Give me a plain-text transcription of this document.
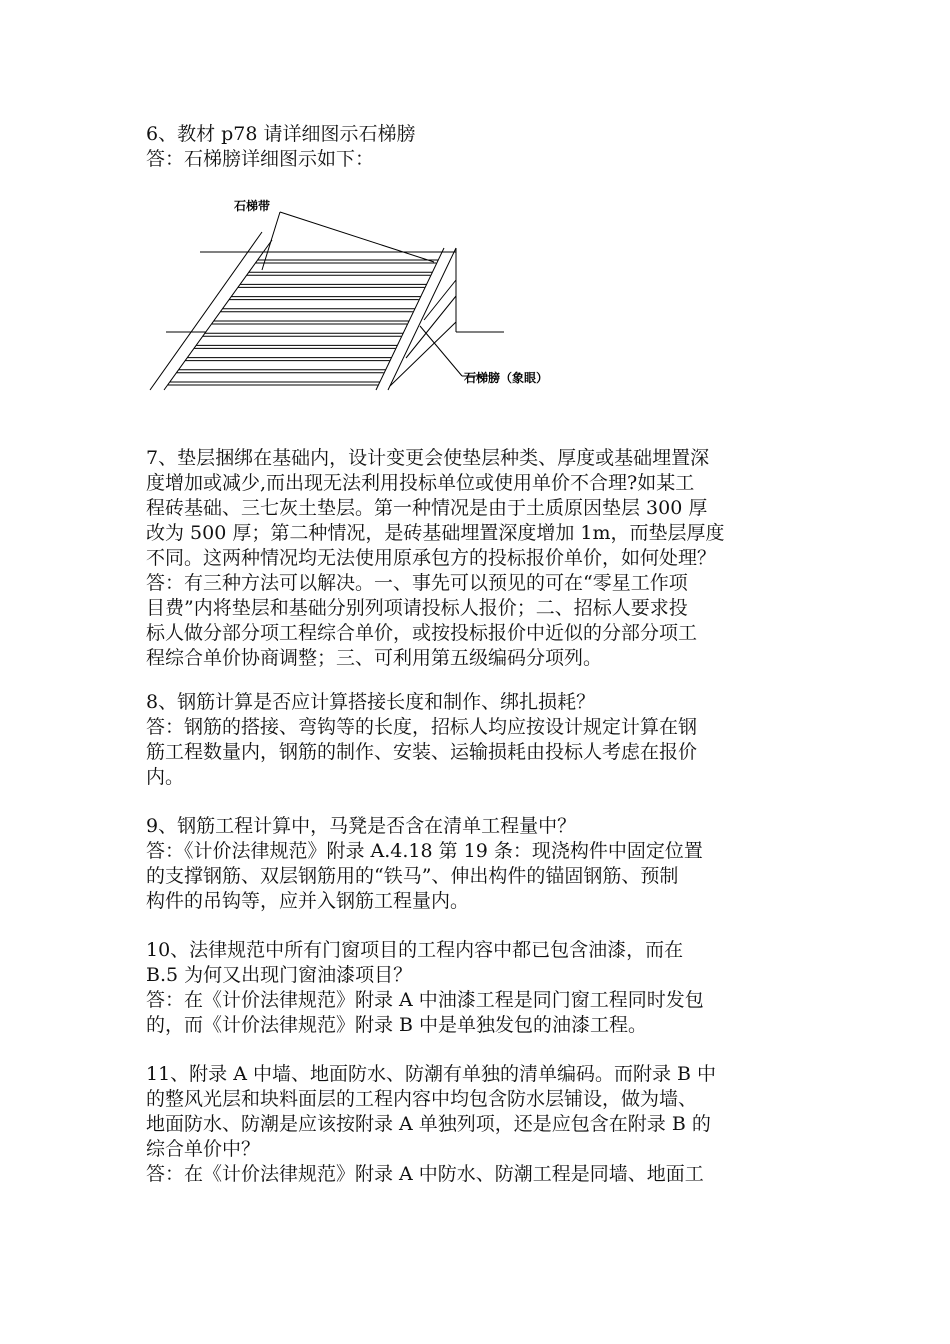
6、教材 p78 请详细图示石梯膀
答：石梯膀详细图示如下：
石梯带
石梯膀（象眼）
7、垫层捆绑在基础内，设计变更会使垫层种类、厚度或基础埋置深
度增加或减少,而出现无法利用投标单位或使用单价不合理?如某工
程砖基础、三七灰土垫层。第一种情况是由于土质原因垫层 300 厚
改为 500 厚；第二种情况，是砖基础埋置深度增加 1m，而垫层厚度
不同。这两种情况均无法使用原承包方的投标报价单价，如何处理？
答：有三种方法可以解决。一、事先可以预见的可在“零星工作项
目费”内将垫层和基础分别列项请投标人报价；二、招标人要求投
标人做分部分项工程综合单价，或按投标报价中近似的分部分项工
程综合单价协商调整；三、可利用第五级编码分项列。
8、钢筋计算是否应计算搭接长度和制作、绑扎损耗？
答：钢筋的搭接、弯钩等的长度，招标人均应按设计规定计算在钢
筋工程数量内，钢筋的制作、安装、运输损耗由投标人考虑在报价
内。
9、钢筋工程计算中，马凳是否含在清单工程量中？
答：《计价法律规范》附录 A.4.18 第 19 条：现浇构件中固定位置
的支撑钢筋、双层钢筋用的“铁马”、伸出构件的锚固钢筋、预制
构件的吊钩等，应并入钢筋工程量内。
10、法律规范中所有门窗项目的工程内容中都已包含油漆，而在
B.5 为何又出现门窗油漆项目？
答：在《计价法律规范》附录 A 中油漆工程是同门窗工程同时发包
的，而《计价法律规范》附录 B 中是单独发包的油漆工程。
11、附录 A 中墙、地面防水、防潮有单独的清单编码。而附录 B 中
的整风光层和块料面层的工程内容中均包含防水层铺设，做为墙、
地面防水、防潮是应该按附录 A 单独列项，还是应包含在附录 B 的
综合单价中？
答：在《计价法律规范》附录 A 中防水、防潮工程是同墙、地面工
